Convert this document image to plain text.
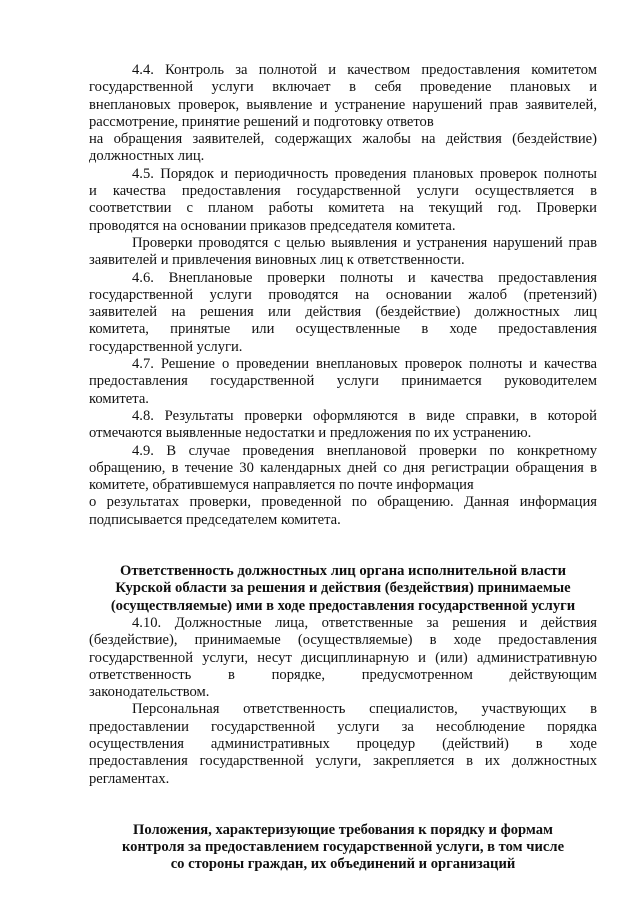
4.4. Контроль за полнотой и качеством предоставления комитетом
государственной услуги включает в себя проведение плановых и
внеплановых проверок, выявление и устранение нарушений прав заявителей,
рассмотрение, принятие решений и подготовку ответов
на обращения заявителей, содержащих жалобы на действия (бездействие)
должностных лиц.
4.5. Порядок и периодичность проведения плановых проверок полноты
и качества предоставления государственной услуги осуществляется в
соответствии с планом работы комитета на текущий год. Проверки
проводятся на основании приказов председателя комитета.
Проверки проводятся с целью выявления и устранения нарушений прав
заявителей и привлечения виновных лиц к ответственности.
4.6. Внеплановые проверки полноты и качества предоставления
государственной услуги проводятся на основании жалоб (претензий)
заявителей на решения или действия (бездействие) должностных лиц
комитета, принятые или осуществленные в ходе предоставления
государственной услуги.
4.7. Решение о проведении внеплановых проверок полноты и качества
предоставления государственной услуги принимается руководителем
комитета.
4.8. Результаты проверки оформляются в виде справки, в которой
отмечаются выявленные недостатки и предложения по их устранению.
4.9. В случае проведения внеплановой проверки по конкретному
обращению, в течение 30 календарных дней со дня регистрации обращения в
комитете, обратившемуся направляется по почте информация
о результатах проверки, проведенной по обращению. Данная информация
подписывается председателем комитета.
Ответственность должностных лиц органа исполнительной власти
Курской области за решения и действия (бездействия) принимаемые
(осуществляемые) ими в ходе предоставления государственной услуги
4.10. Должностные лица, ответственные за решения и действия
(бездействие), принимаемые (осуществляемые) в ходе предоставления
государственной услуги, несут дисциплинарную и (или) административную
ответственность в порядке, предусмотренном действующим
законодательством.
Персональная ответственность специалистов, участвующих в
предоставлении государственной услуги за несоблюдение порядка
осуществления административных процедур (действий) в ходе
предоставления государственной услуги, закрепляется в их должностных
регламентах.
Положения, характеризующие требования к порядку и формам
контроля за предоставлением государственной услуги, в том числе
со стороны граждан, их объединений и организаций
